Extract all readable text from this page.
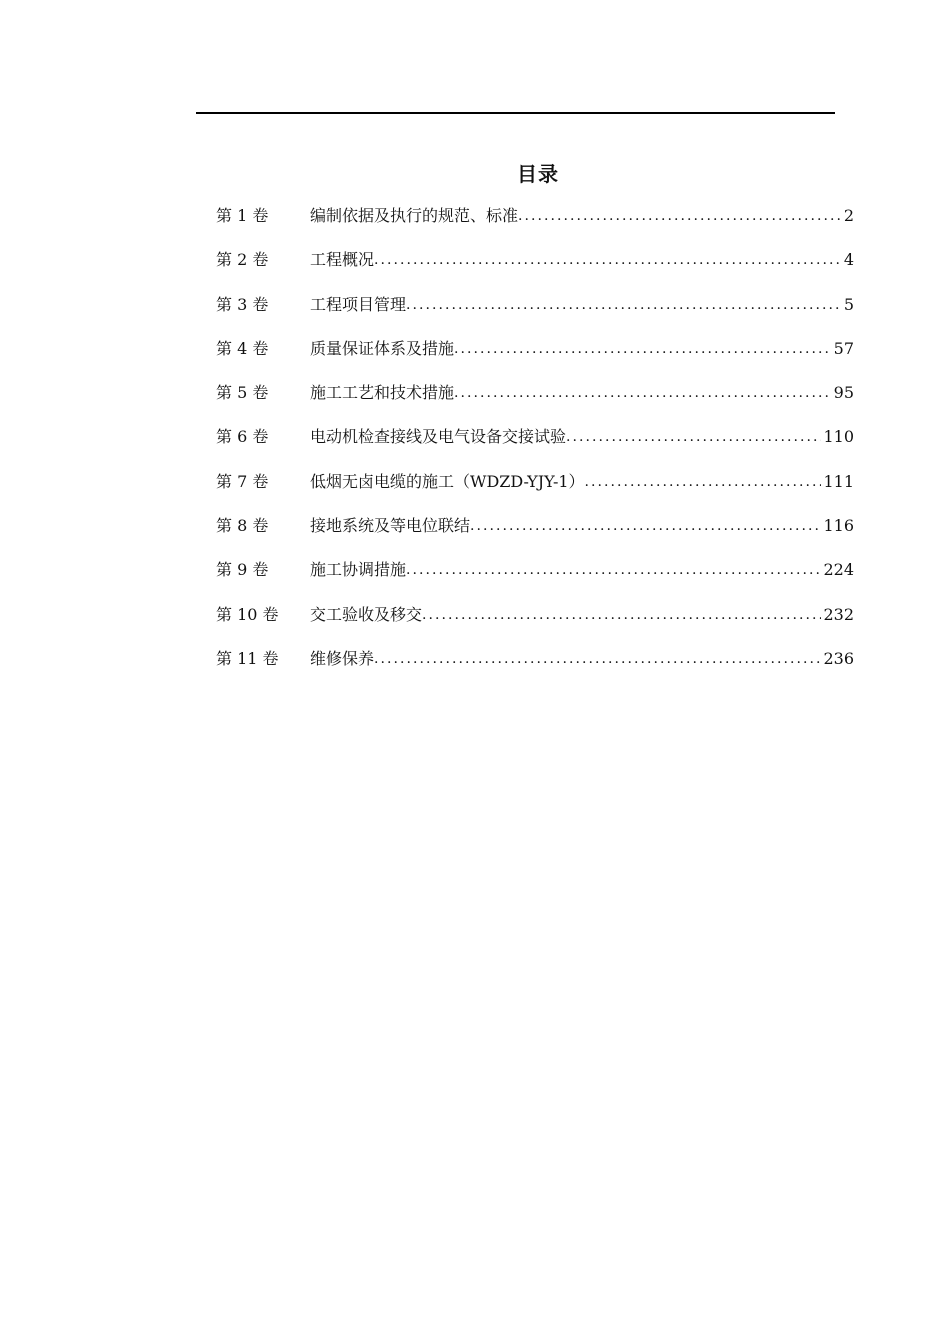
目录
第 1 卷	编制依据及执行的规范、标准 . . .	2
第 2 卷	工程概况 . . .	4
第 3 卷	工程项目管理 . . .	5
第 4 卷	质量保证体系及措施 . . .	57
第 5 卷	施工工艺和技术措施 . . .	95
第 6 卷	电动机检查接线及电气设备交接试验 . . .	110
第 7 卷	低烟无卤电缆的施工（WDZD-YJY-1） . . .	111
第 8 卷	接地系统及等电位联结 . . .	116
第 9 卷	施工协调措施 . . .	224
第 10 卷	交工验收及移交 . . .	232
第 11 卷	维修保养 . . .	236
